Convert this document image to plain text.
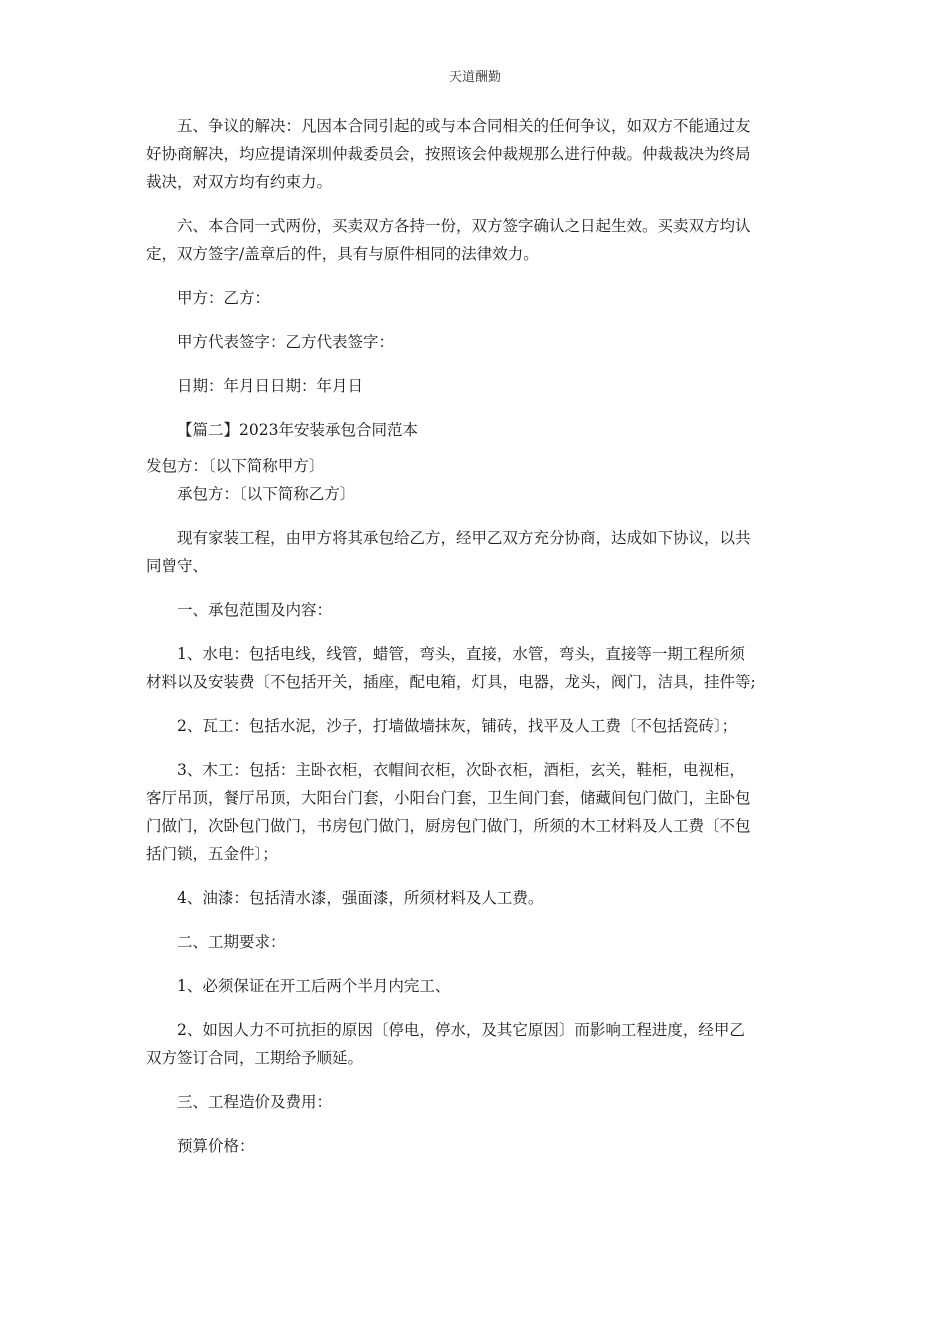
天道酬勤
五、争议的解决：凡因本合同引起的或与本合同相关的任何争议，如双方不能通过友
好协商解决，均应提请深圳仲裁委员会，按照该会仲裁规那么进行仲裁。仲裁裁决为终局
裁决，对双方均有约束力。
六、本合同一式两份，买卖双方各持一份，双方签字确认之日起生效。买卖双方均认
定，双方签字/盖章后的件，具有与原件相同的法律效力。
甲方：乙方：
甲方代表签字：乙方代表签字：
日期：年月日日期：年月日
【篇二】2023年安装承包合同范本
发包方：〔以下简称甲方〕
承包方：〔以下简称乙方〕
现有家装工程，由甲方将其承包给乙方，经甲乙双方充分协商，达成如下协议，以共
同曾守、
一、承包范围及内容：
1、水电：包括电线，线管，蜡管，弯头，直接，水管，弯头，直接等一期工程所须
材料以及安装费〔不包括开关，插座，配电箱，灯具，电器，龙头，阀门，洁具，挂件等;
2、瓦工：包括水泥，沙子，打墙做墙抹灰，铺砖，找平及人工费〔不包括瓷砖〕；
3、木工：包括：主卧衣柜，衣帽间衣柜，次卧衣柜，酒柜，玄关，鞋柜，电视柜，
客厅吊顶，餐厅吊顶，大阳台门套，小阳台门套，卫生间门套，储藏间包门做门，主卧包
门做门，次卧包门做门，书房包门做门，厨房包门做门，所须的木工材料及人工费〔不包
括门锁，五金件〕；
4、油漆：包括清水漆，强面漆，所须材料及人工费。
二、工期要求：
1、必须保证在开工后两个半月内完工、
2、如因人力不可抗拒的原因〔停电，停水，及其它原因〕而影响工程进度，经甲乙
双方签订合同，工期给予顺延。
三、工程造价及费用：
预算价格：
